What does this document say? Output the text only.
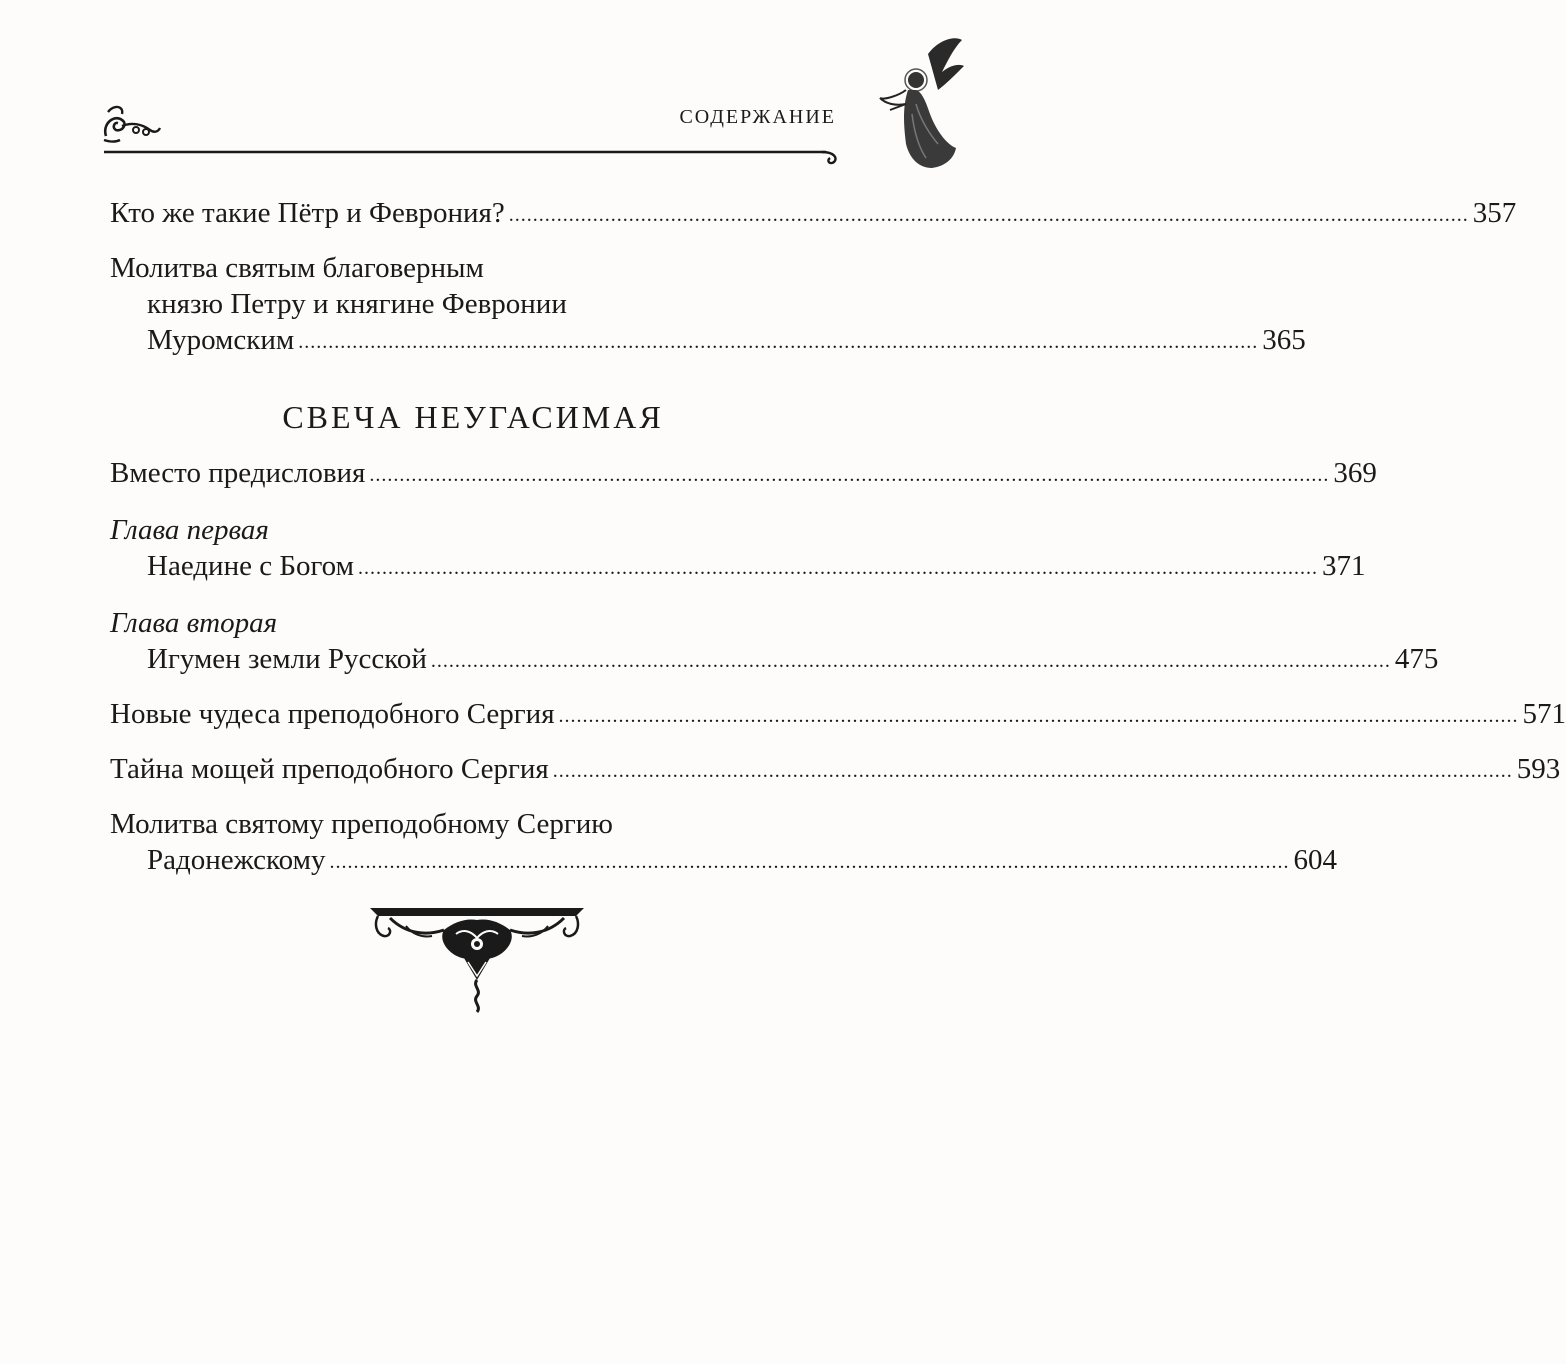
СОДЕРЖАНИЕ
Кто же такие Пётр и Феврония? ................................................................................................................................................................ 357
Молитва святым благоверным
князю Петру и княгине Февронии
Муромским ................................................................................................................................................................ 365
СВЕЧА НЕУГАСИМАЯ
Вместо предисловия ................................................................................................................................................................ 369
Глава первая
Наедине с Богом ................................................................................................................................................................ 371
Глава вторая
Игумен земли Русской ................................................................................................................................................................ 475
Новые чудеса преподобного Сергия ................................................................................................................................................................ 571
Тайна мощей преподобного Сергия ................................................................................................................................................................ 593
Молитва святому преподобному Сергию
Радонежскому ................................................................................................................................................................ 604
